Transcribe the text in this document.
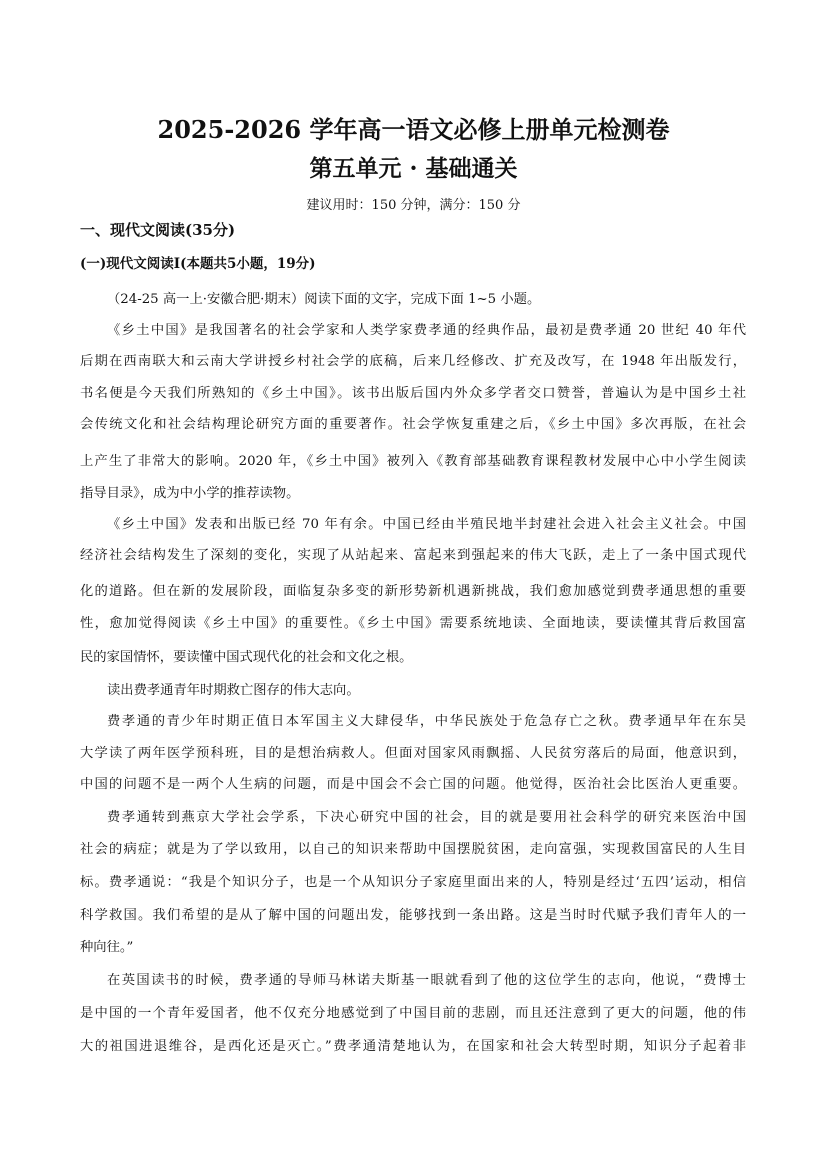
2025-2026 学年高一语文必修上册单元检测卷
第五单元 · 基础通关
建议用时：150 分钟，满分：150 分
一、现代文阅读(35分)
(一)现代文阅读Ⅰ(本题共5小题，19分)
（24-25 高一上·安徽合肥·期末）阅读下面的文字，完成下面 1~5 小题。
《乡土中国》是我国著名的社会学家和人类学家费孝通的经典作品，最初是费孝通 20 世纪 40 年代
后期在西南联大和云南大学讲授乡村社会学的底稿，后来几经修改、扩充及改写，在 1948 年出版发行，
书名便是今天我们所熟知的《乡土中国》。该书出版后国内外众多学者交口赞誉，普遍认为是中国乡土社
会传统文化和社会结构理论研究方面的重要著作。社会学恢复重建之后，《乡土中国》多次再版，在社会
上产生了非常大的影响。2020 年，《乡土中国》被列入《教育部基础教育课程教材发展中心中小学生阅读
指导目录》，成为中小学的推荐读物。
《乡土中国》发表和出版已经 70 年有余。中国已经由半殖民地半封建社会进入社会主义社会。中国
经济社会结构发生了深刻的变化，实现了从站起来、富起来到强起来的伟大飞跃，走上了一条中国式现代
化的道路。但在新的发展阶段，面临复杂多变的新形势新机遇新挑战，我们愈加感觉到费孝通思想的重要
性，愈加觉得阅读《乡土中国》的重要性。《乡土中国》需要系统地读、全面地读，要读懂其背后救国富
民的家国情怀，要读懂中国式现代化的社会和文化之根。
读出费孝通青年时期救亡图存的伟大志向。
费孝通的青少年时期正值日本军国主义大肆侵华，中华民族处于危急存亡之秋。费孝通早年在东吴
大学读了两年医学预科班，目的是想治病救人。但面对国家风雨飘摇、人民贫穷落后的局面，他意识到，
中国的问题不是一两个人生病的问题，而是中国会不会亡国的问题。他觉得，医治社会比医治人更重要。
费孝通转到燕京大学社会学系，下决心研究中国的社会，目的就是要用社会科学的研究来医治中国
社会的病症；就是为了学以致用，以自己的知识来帮助中国摆脱贫困，走向富强，实现救国富民的人生目
标。费孝通说：“我是个知识分子，也是一个从知识分子家庭里面出来的人，特别是经过‘五四’运动，相信
科学救国。我们希望的是从了解中国的问题出发，能够找到一条出路。这是当时时代赋予我们青年人的一
种向往。”
在英国读书的时候，费孝通的导师马林诺夫斯基一眼就看到了他的这位学生的志向，他说，“费博士
是中国的一个青年爱国者，他不仅充分地感觉到了中国目前的悲剧，而且还注意到了更大的问题，他的伟
大的祖国进退维谷，是西化还是灭亡。”费孝通清楚地认为，在国家和社会大转型时期，知识分子起着非
